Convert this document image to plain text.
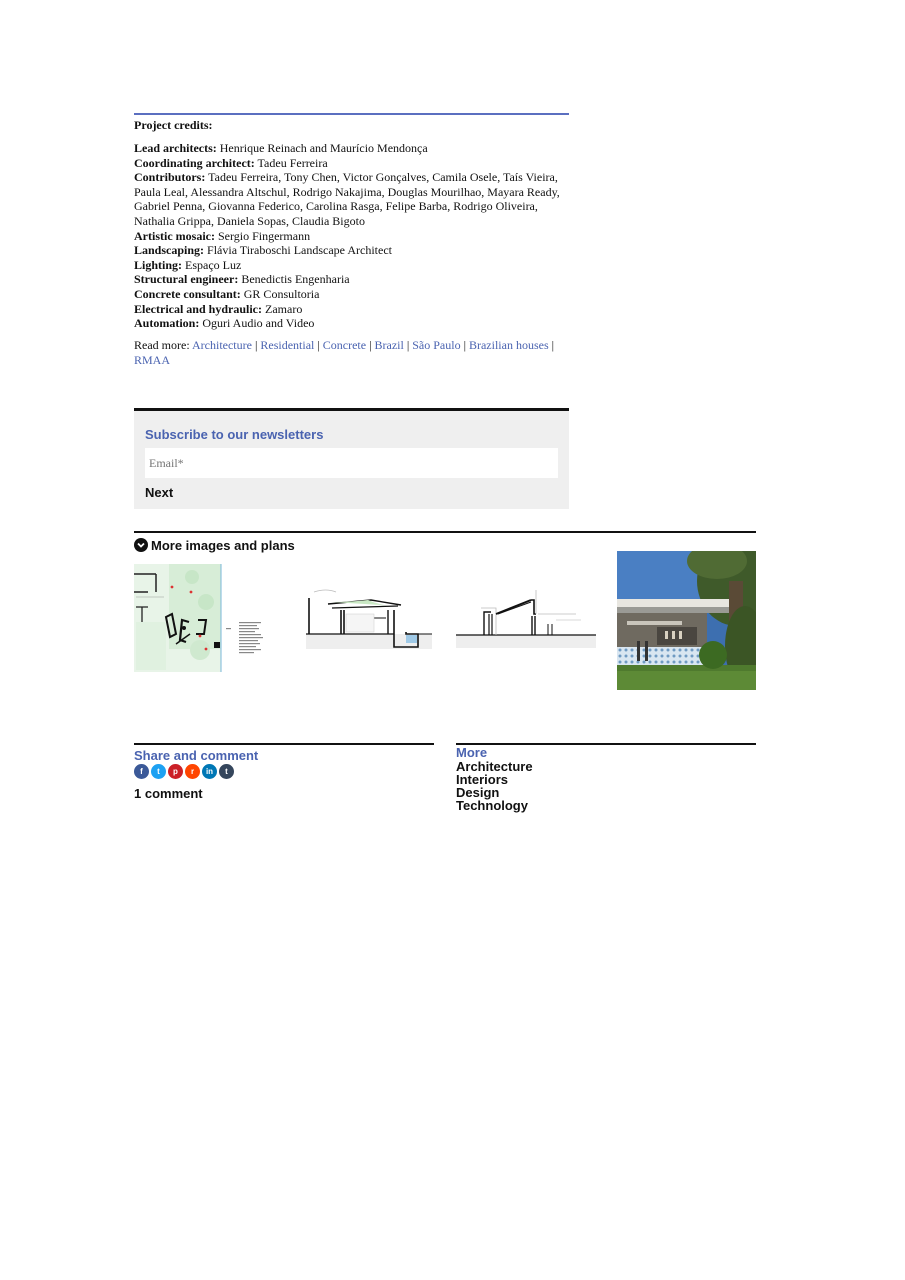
Project credits:
Lead architects: Henrique Reinach and Maurício Mendonça
Coordinating architect: Tadeu Ferreira
Contributors: Tadeu Ferreira, Tony Chen, Victor Gonçalves, Camila Osele, Taís Vieira, Paula Leal, Alessandra Altschul, Rodrigo Nakajima, Douglas Mourilhao, Mayara Ready, Gabriel Penna, Giovanna Federico, Carolina Rasga, Felipe Barba, Rodrigo Oliveira, Nathalia Grippa, Daniela Sopas, Claudia Bigoto
Artistic mosaic: Sergio Fingermann
Landscaping: Flávia Tiraboschi Landscape Architect
Lighting: Espaço Luz
Structural engineer: Benedictis Engenharia
Concrete consultant: GR Consultoria
Electrical and hydraulic: Zamaro
Automation: Oguri Audio and Video
Read more: Architecture | Residential | Concrete | Brazil | São Paulo | Brazilian houses | RMAA
Subscribe to our newsletters
Email*
Next
More images and plans
Share and comment
f	t	p	r	in	t
1 comment
More
Architecture
Interiors
Design
Technology
